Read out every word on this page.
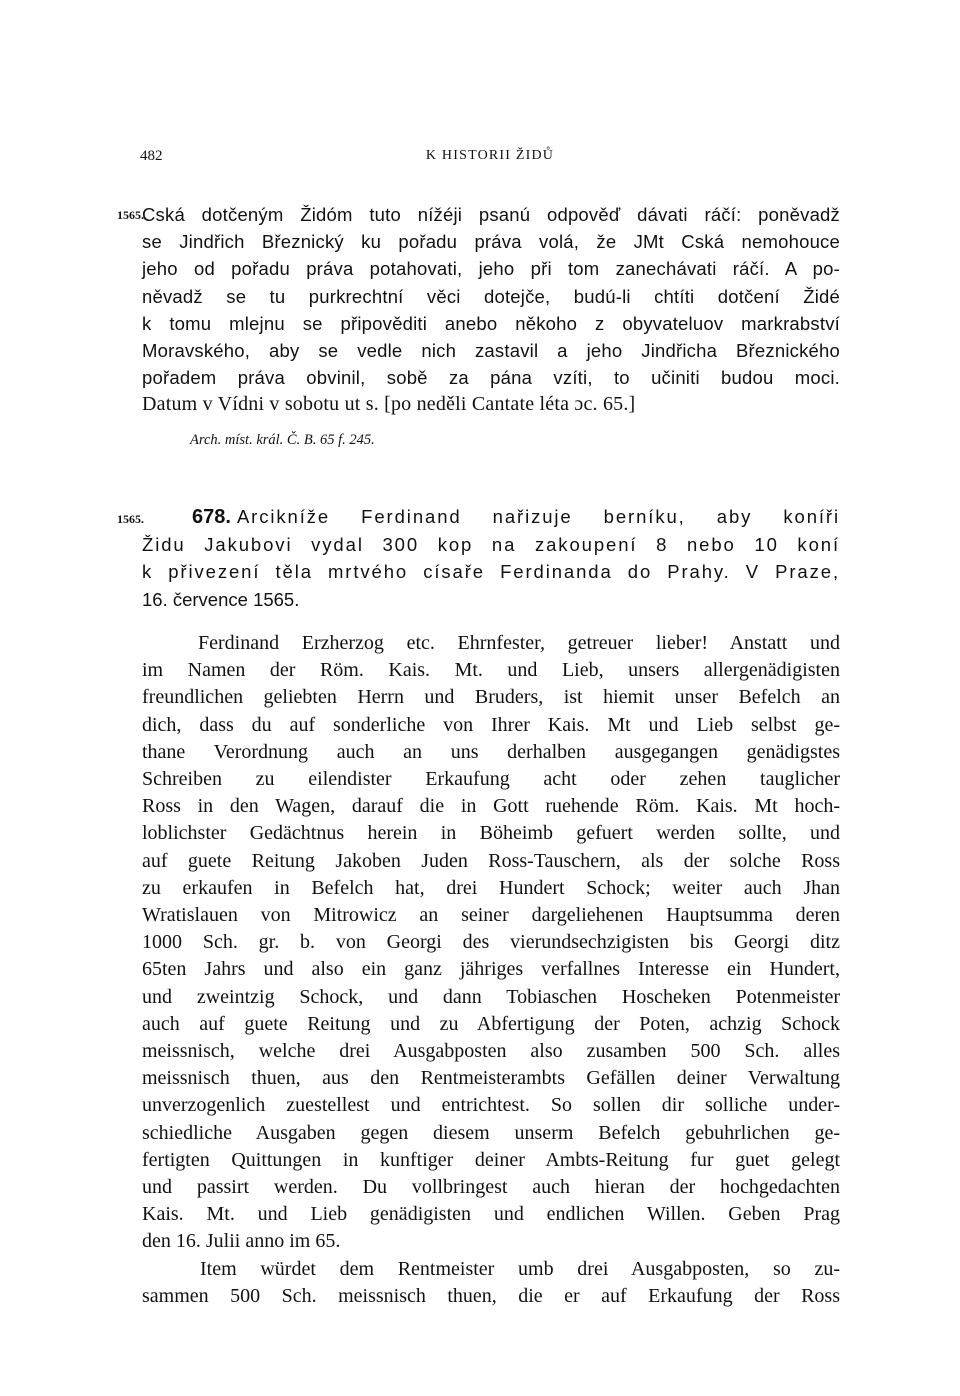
482	K HISTORII ŽIDŮ
1565.
Cská dotčeným Židóm tuto nížéji psanú odpověď dávati ráčí: poněvadž
se Jindřich Březnický ku pořadu práva volá, že JMt Cská nemohouce
jeho od pořadu práva potahovati, jeho při tom zanechávati ráčí. A po-
něvadž se tu purkrechtní věci dotejče, budú-li chtíti dotčení Židé
k tomu mlejnu se připověditi anebo někoho z obyvateluov markrabství
Moravského, aby se vedle nich zastavil a jeho Jindřicha Březnického
pořadem práva obvinil, sobě za pána vzíti, to učiniti budou moci.
Datum v Vídni v sobotu ut s. [po neděli Cantate léta ɔc. 65.]
Arch. míst. král. Č. B. 65 f. 245.
1565.	678. Arcikníže Ferdinand nařizuje berníku, aby koníři
Židu Jakubovi vydal 300 kop na zakoupení 8 nebo 10 koní
k přivezení těla mrtvého císaře Ferdinanda do Prahy. V Praze,
16. července 1565.
Ferdinand Erzherzog etc. Ehrnfester, getreuer lieber! Anstatt und
im Namen der Röm. Kais. Mt. und Lieb, unsers allergenädigisten
freundlichen geliebten Herrn und Bruders, ist hiemit unser Befelch an
dich, dass du auf sonderliche von Ihrer Kais. Mt und Lieb selbst ge-
thane Verordnung auch an uns derhalben ausgegangen genädigstes
Schreiben zu eilendister Erkaufung acht oder zehen tauglicher
Ross in den Wagen, darauf die in Gott ruehende Röm. Kais. Mt hoch-
loblichster Gedächtnus herein in Böheimb gefuert werden sollte, und
auf guete Reitung Jakoben Juden Ross-Tauschern, als der solche Ross
zu erkaufen in Befelch hat, drei Hundert Schock; weiter auch Jhan
Wratislauen von Mitrowicz an seiner dargeliehenen Hauptsumma deren
1000 Sch. gr. b. von Georgi des vierundsechzigisten bis Georgi ditz
65ten Jahrs und also ein ganz jähriges verfallnes Interesse ein Hundert,
und zweintzig Schock, und dann Tobiaschen Hoscheken Potenmeister
auch auf guete Reitung und zu Abfertigung der Poten, achzig Schock
meissnisch, welche drei Ausgabposten also zusamben 500 Sch. alles
meissnisch thuen, aus den Rentmeisterambts Gefällen deiner Verwaltung
unverzogenlich zuestellest und entrichtest. So sollen dir solliche under-
schiedliche Ausgaben gegen diesem unserm Befelch gebuhrlichen ge-
fertigten Quittungen in kunftiger deiner Ambts-Reitung fur guet gelegt
und passirt werden. Du vollbringest auch hieran der hochgedachten
Kais. Mt. und Lieb genädigisten und endlichen Willen. Geben Prag
den 16. Julii anno im 65.
Item würdet dem Rentmeister umb drei Ausgabposten, so zu-
sammen 500 Sch. meissnisch thuen, die er auf Erkaufung der Ross
